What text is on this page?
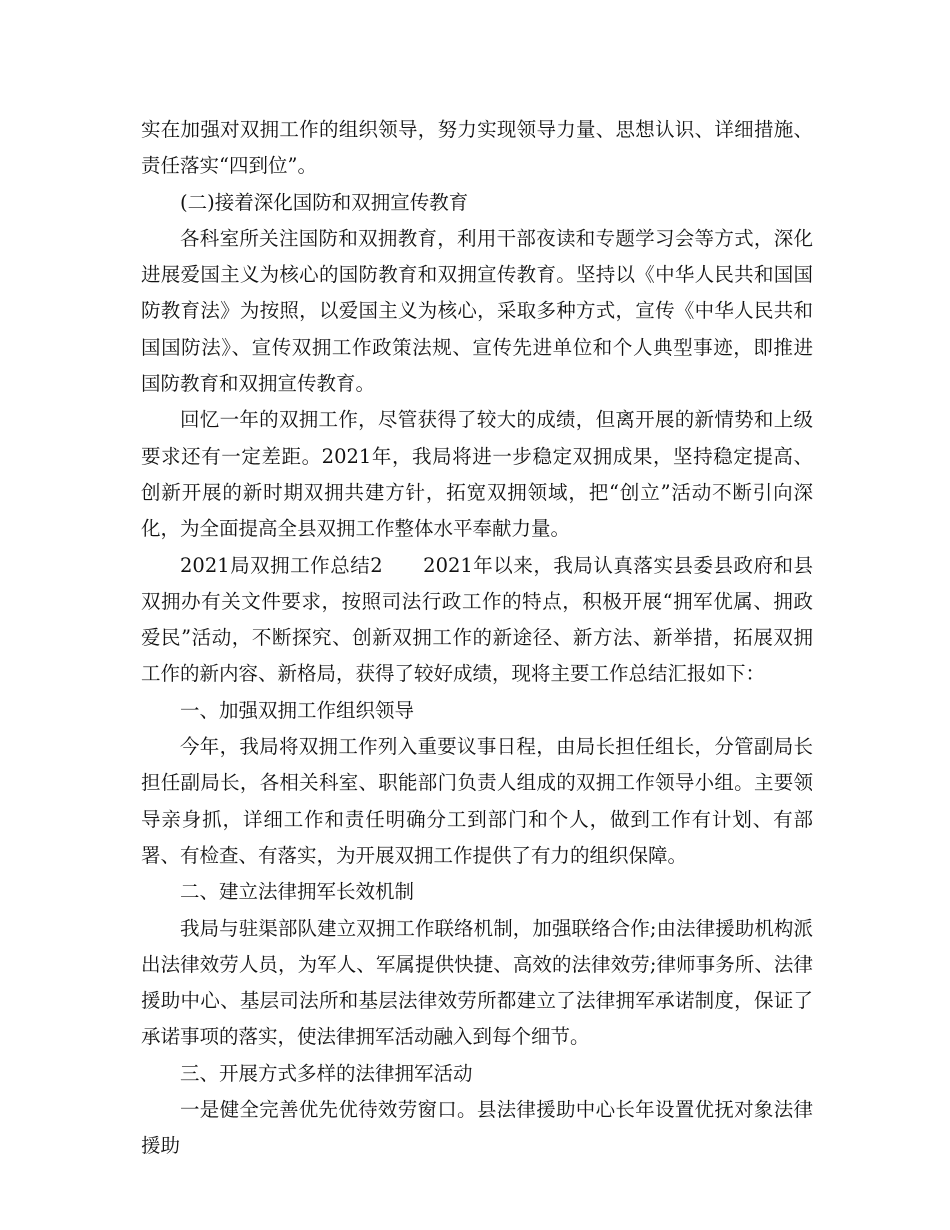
实在加强对双拥工作的组织领导，努力实现领导力量、思想认识、详细措施、责任落实“四到位”。

(二)接着深化国防和双拥宣传教育

各科室所关注国防和双拥教育，利用干部夜读和专题学习会等方式，深化进展爱国主义为核心的国防教育和双拥宣传教育。坚持以《中华人民共和国国防教育法》为按照，以爱国主义为核心，采取多种方式，宣传《中华人民共和国国防法》、宣传双拥工作政策法规、宣传先进单位和个人典型事迹，即推进国防教育和双拥宣传教育。

回忆一年的双拥工作，尽管获得了较大的成绩，但离开展的新情势和上级要求还有一定差距。2021年，我局将进一步稳定双拥成果，坚持稳定提高、创新开展的新时期双拥共建方针，拓宽双拥领域，把“创立”活动不断引向深化，为全面提高全县双拥工作整体水平奉献力量。

2021局双拥工作总结2　　2021年以来，我局认真落实县委县政府和县双拥办有关文件要求，按照司法行政工作的特点，积极开展“拥军优属、拥政爱民”活动，不断探究、创新双拥工作的新途径、新方法、新举措，拓展双拥工作的新内容、新格局，获得了较好成绩，现将主要工作总结汇报如下：

一、加强双拥工作组织领导

今年，我局将双拥工作列入重要议事日程，由局长担任组长，分管副局长担任副局长，各相关科室、职能部门负责人组成的双拥工作领导小组。主要领导亲身抓，详细工作和责任明确分工到部门和个人，做到工作有计划、有部署、有检查、有落实，为开展双拥工作提供了有力的组织保障。

二、建立法律拥军长效机制

我局与驻渠部队建立双拥工作联络机制，加强联络合作;由法律援助机构派出法律效劳人员，为军人、军属提供快捷、高效的法律效劳;律师事务所、法律援助中心、基层司法所和基层法律效劳所都建立了法律拥军承诺制度，保证了承诺事项的落实，使法律拥军活动融入到每个细节。

三、开展方式多样的法律拥军活动

一是健全完善优先优待效劳窗口。县法律援助中心长年设置优抚对象法律援助
